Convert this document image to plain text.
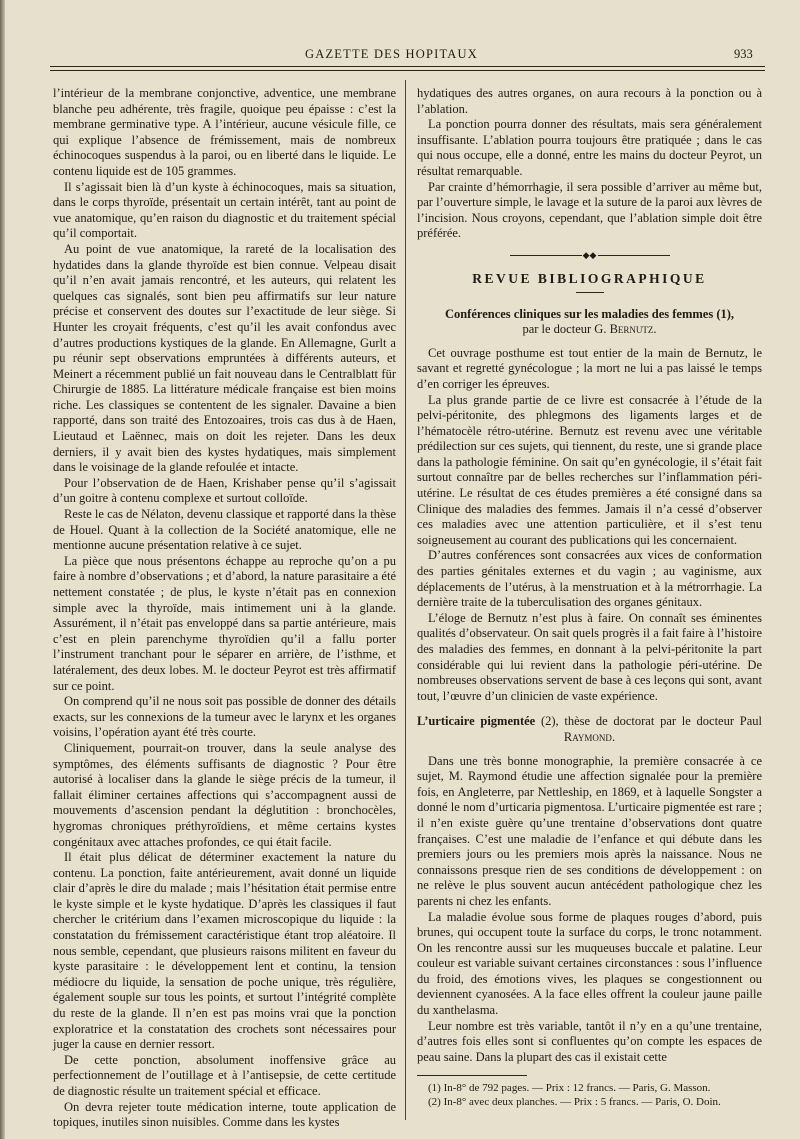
GAZETTE DES HOPITAUX	933

l’intérieur de la membrane conjonctive, adventice, une membrane blanche peu adhérente, très fragile, quoique peu épaisse : c’est la membrane germinative type. A l’intérieur, aucune vésicule fille, ce qui explique l’absence de frémissement, mais de nombreux échinocoques suspendus à la paroi, ou en liberté dans le liquide. Le contenu liquide est de 105 grammes.

Il s’agissait bien là d’un kyste à échinocoques, mais sa situation, dans le corps thyroïde, présentait un certain intérêt, tant au point de vue anatomique, qu’en raison du diagnostic et du traitement spécial qu’il comportait.

Au point de vue anatomique, la rareté de la localisation des hydatides dans la glande thyroïde est bien connue. Velpeau disait qu’il n’en avait jamais rencontré, et les auteurs, qui relatent les quelques cas signalés, sont bien peu affirmatifs sur leur nature précise et conservent des doutes sur l’exactitude de leur siège. Si Hunter les croyait fréquents, c’est qu’il les avait confondus avec d’autres productions kystiques de la glande. En Allemagne, Gurlt a pu réunir sept observations empruntées à différents auteurs, et Meinert a récemment publié un fait nouveau dans le Centralblatt für Chirurgie de 1885. La littérature médicale française est bien moins riche. Les classiques se contentent de les signaler. Davaine a bien rapporté, dans son traité des Entozoaires, trois cas dus à de Haen, Lieutaud et Laënnec, mais on doit les rejeter. Dans les deux derniers, il y avait bien des kystes hydatiques, mais simplement dans le voisinage de la glande refoulée et intacte.

Pour l’observation de de Haen, Krishaber pense qu’il s’agissait d’un goitre à contenu complexe et surtout colloïde.

Reste le cas de Nélaton, devenu classique et rapporté dans la thèse de Houel. Quant à la collection de la Société anatomique, elle ne mentionne aucune présentation relative à ce sujet.

La pièce que nous présentons échappe au reproche qu’on a pu faire à nombre d’observations ; et d’abord, la nature parasitaire a été nettement constatée ; de plus, le kyste n’était pas en connexion simple avec la thyroïde, mais intimement uni à la glande. Assurément, il n’était pas enveloppé dans sa partie antérieure, mais c’est en plein parenchyme thyroïdien qu’il a fallu porter l’instrument tranchant pour le séparer en arrière, de l’isthme, et latéralement, des deux lobes. M. le docteur Peyrot est très affirmatif sur ce point.

On comprend qu’il ne nous soit pas possible de donner des détails exacts, sur les connexions de la tumeur avec le larynx et les organes voisins, l’opération ayant été très courte.

Cliniquement, pourrait-on trouver, dans la seule analyse des symptômes, des éléments suffisants de diagnostic ? Pour être autorisé à localiser dans la glande le siège précis de la tumeur, il fallait éliminer certaines affections qui s’accompagnent aussi de mouvements d’ascension pendant la déglutition : bronchocèles, hygromas chroniques préthyroïdiens, et même certains kystes congénitaux avec attaches profondes, ce qui était facile.

Il était plus délicat de déterminer exactement la nature du contenu. La ponction, faite antérieurement, avait donné un liquide clair d’après le dire du malade ; mais l’hésitation était permise entre le kyste simple et le kyste hydatique. D’après les classiques il faut chercher le critérium dans l’examen microscopique du liquide : la constatation du frémissement caractéristique étant trop aléatoire. Il nous semble, cependant, que plusieurs raisons militent en faveur du kyste parasitaire : le développement lent et continu, la tension médiocre du liquide, la sensation de poche unique, très régulière, également souple sur tous les points, et surtout l’intégrité complète du reste de la glande. Il n’en est pas moins vrai que la ponction exploratrice et la constatation des crochets sont nécessaires pour juger la cause en dernier ressort.

De cette ponction, absolument inoffensive grâce au perfectionnement de l’outillage et à l’antisepsie, de cette certitude de diagnostic résulte un traitement spécial et efficace.

On devra rejeter toute médication interne, toute application de topiques, inutiles sinon nuisibles. Comme dans les kystes

hydatiques des autres organes, on aura recours à la ponction ou à l’ablation.

La ponction pourra donner des résultats, mais sera généralement insuffisante. L’ablation pourra toujours être pratiquée ; dans le cas qui nous occupe, elle a donné, entre les mains du docteur Peyrot, un résultat remarquable.

Par crainte d’hémorrhagie, il sera possible d’arriver au même but, par l’ouverture simple, le lavage et la suture de la paroi aux lèvres de l’incision. Nous croyons, cependant, que l’ablation simple doit être préférée.

◆◆
REVUE BIBLIOGRAPHIQUE
Conférences cliniques sur les maladies des femmes (1),
par le docteur G. Bernutz.

Cet ouvrage posthume est tout entier de la main de Bernutz, le savant et regretté gynécologue ; la mort ne lui a pas laissé le temps d’en corriger les épreuves.

La plus grande partie de ce livre est consacrée à l’étude de la pelvi-péritonite, des phlegmons des ligaments larges et de l’hématocèle rétro-utérine. Bernutz est revenu avec une véritable prédilection sur ces sujets, qui tiennent, du reste, une si grande place dans la pathologie féminine. On sait qu’en gynécologie, il s’était fait surtout connaître par de belles recherches sur l’inflammation péri-utérine. Le résultat de ces études premières a été consigné dans sa Clinique des maladies des femmes. Jamais il n’a cessé d’observer ces maladies avec une attention particulière, et il s’est tenu soigneusement au courant des publications qui les concernaient.

D’autres conférences sont consacrées aux vices de conformation des parties génitales externes et du vagin ; au vaginisme, aux déplacements de l’utérus, à la menstruation et à la métrorrhagie. La dernière traite de la tuberculisation des organes génitaux.

L’éloge de Bernutz n’est plus à faire. On connaît ses éminentes qualités d’observateur. On sait quels progrès il a fait faire à l’histoire des maladies des femmes, en donnant à la pelvi-péritonite la part considérable qui lui revient dans la pathologie péri-utérine. De nombreuses observations servent de base à ces leçons qui sont, avant tout, l’œuvre d’un clinicien de vaste expérience.

L’urticaire pigmentée (2), thèse de doctorat par le docteur Paul Raymond.

Dans une très bonne monographie, la première consacrée à ce sujet, M. Raymond étudie une affection signalée pour la première fois, en Angleterre, par Nettleship, en 1869, et à laquelle Songster a donné le nom d’urticaria pigmentosa. L’urticaire pigmentée est rare ; il n’en existe guère qu’une trentaine d’observations dont quatre françaises. C’est une maladie de l’enfance et qui débute dans les premiers jours ou les premiers mois après la naissance. Nous ne connaissons presque rien de ses conditions de développement : on ne relève le plus souvent aucun antécédent pathologique chez les parents ni chez les enfants.

La maladie évolue sous forme de plaques rouges d’abord, puis brunes, qui occupent toute la surface du corps, le tronc notamment. On les rencontre aussi sur les muqueuses buccale et palatine. Leur couleur est variable suivant certaines circonstances : sous l’influence du froid, des émotions vives, les plaques se congestionnent ou deviennent cyanosées. A la face elles offrent la couleur jaune paille du xanthelasma.

Leur nombre est très variable, tantôt il n’y en a qu’une trentaine, d’autres fois elles sont si confluentes qu’on compte les espaces de peau saine. Dans la plupart des cas il existait cette

(1) In-8° de 792 pages. — Prix : 12 francs. — Paris, G. Masson.

(2) In-8° avec deux planches. — Prix : 5 francs. — Paris, O. Doin.
